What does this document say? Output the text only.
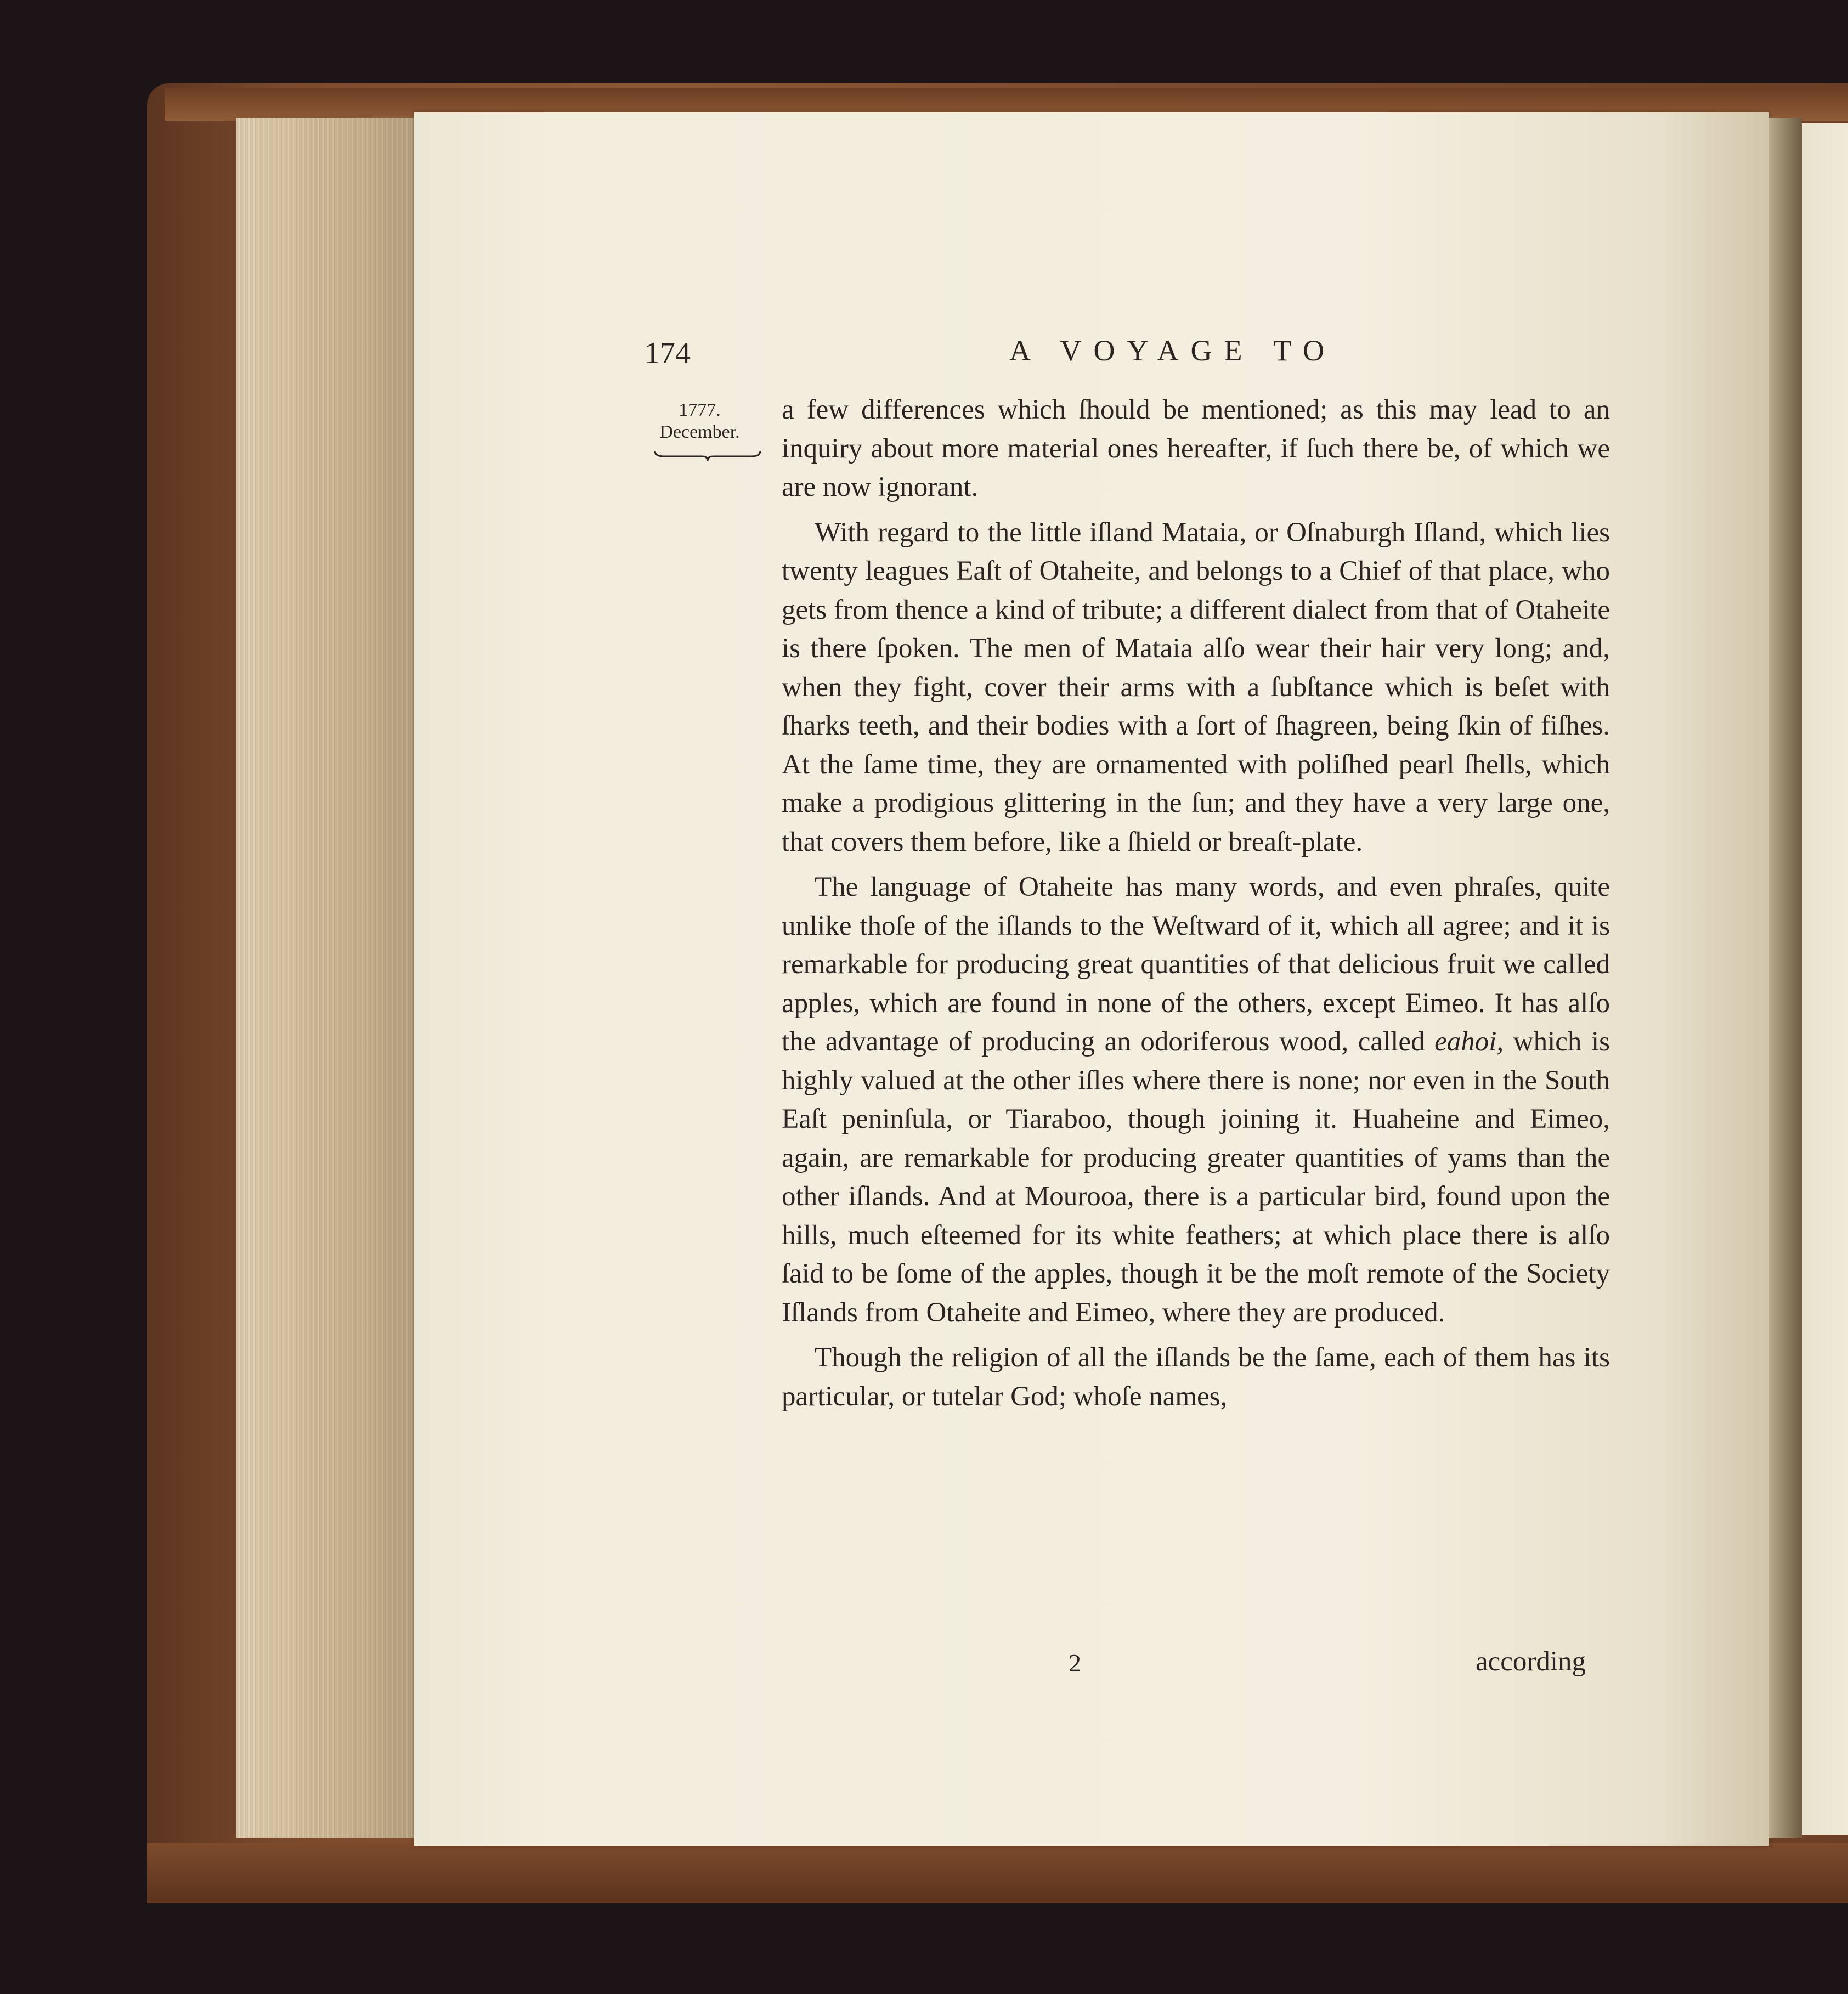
174	A VOYAGE TO
1777.
December.

a few differences which ſhould be mentioned; as this may lead to an inquiry about more material ones hereafter, if ſuch there be, of which we are now ignorant.

With regard to the little iſland Mataia, or Oſnaburgh Iſland, which lies twenty leagues Eaſt of Otaheite, and belongs to a Chief of that place, who gets from thence a kind of tribute; a different dialect from that of Otaheite is there ſpoken. The men of Mataia alſo wear their hair very long; and, when they fight, cover their arms with a ſubſtance which is beſet with ſharks teeth, and their bodies with a ſort of ſhagreen, being ſkin of fiſhes. At the ſame time, they are ornamented with poliſhed pearl ſhells, which make a prodigious glittering in the ſun; and they have a very large one, that covers them before, like a ſhield or breaſt-plate.

The language of Otaheite has many words, and even phraſes, quite unlike thoſe of the iſlands to the Weſtward of it, which all agree; and it is remarkable for producing great quantities of that delicious fruit we called apples, which are found in none of the others, except Eimeo. It has alſo the advantage of producing an odoriferous wood, called eahoi, which is highly valued at the other iſles where there is none; nor even in the South Eaſt peninſula, or Tiaraboo, though joining it. Huaheine and Eimeo, again, are remarkable for producing greater quantities of yams than the other iſlands. And at Mourooa, there is a particular bird, found upon the hills, much eſteemed for its white feathers; at which place there is alſo ſaid to be ſome of the apples, though it be the moſt remote of the Society Iſlands from Otaheite and Eimeo, where they are produced.

Though the religion of all the iſlands be the ſame, each of them has its particular, or tutelar God; whoſe names,

2	according
